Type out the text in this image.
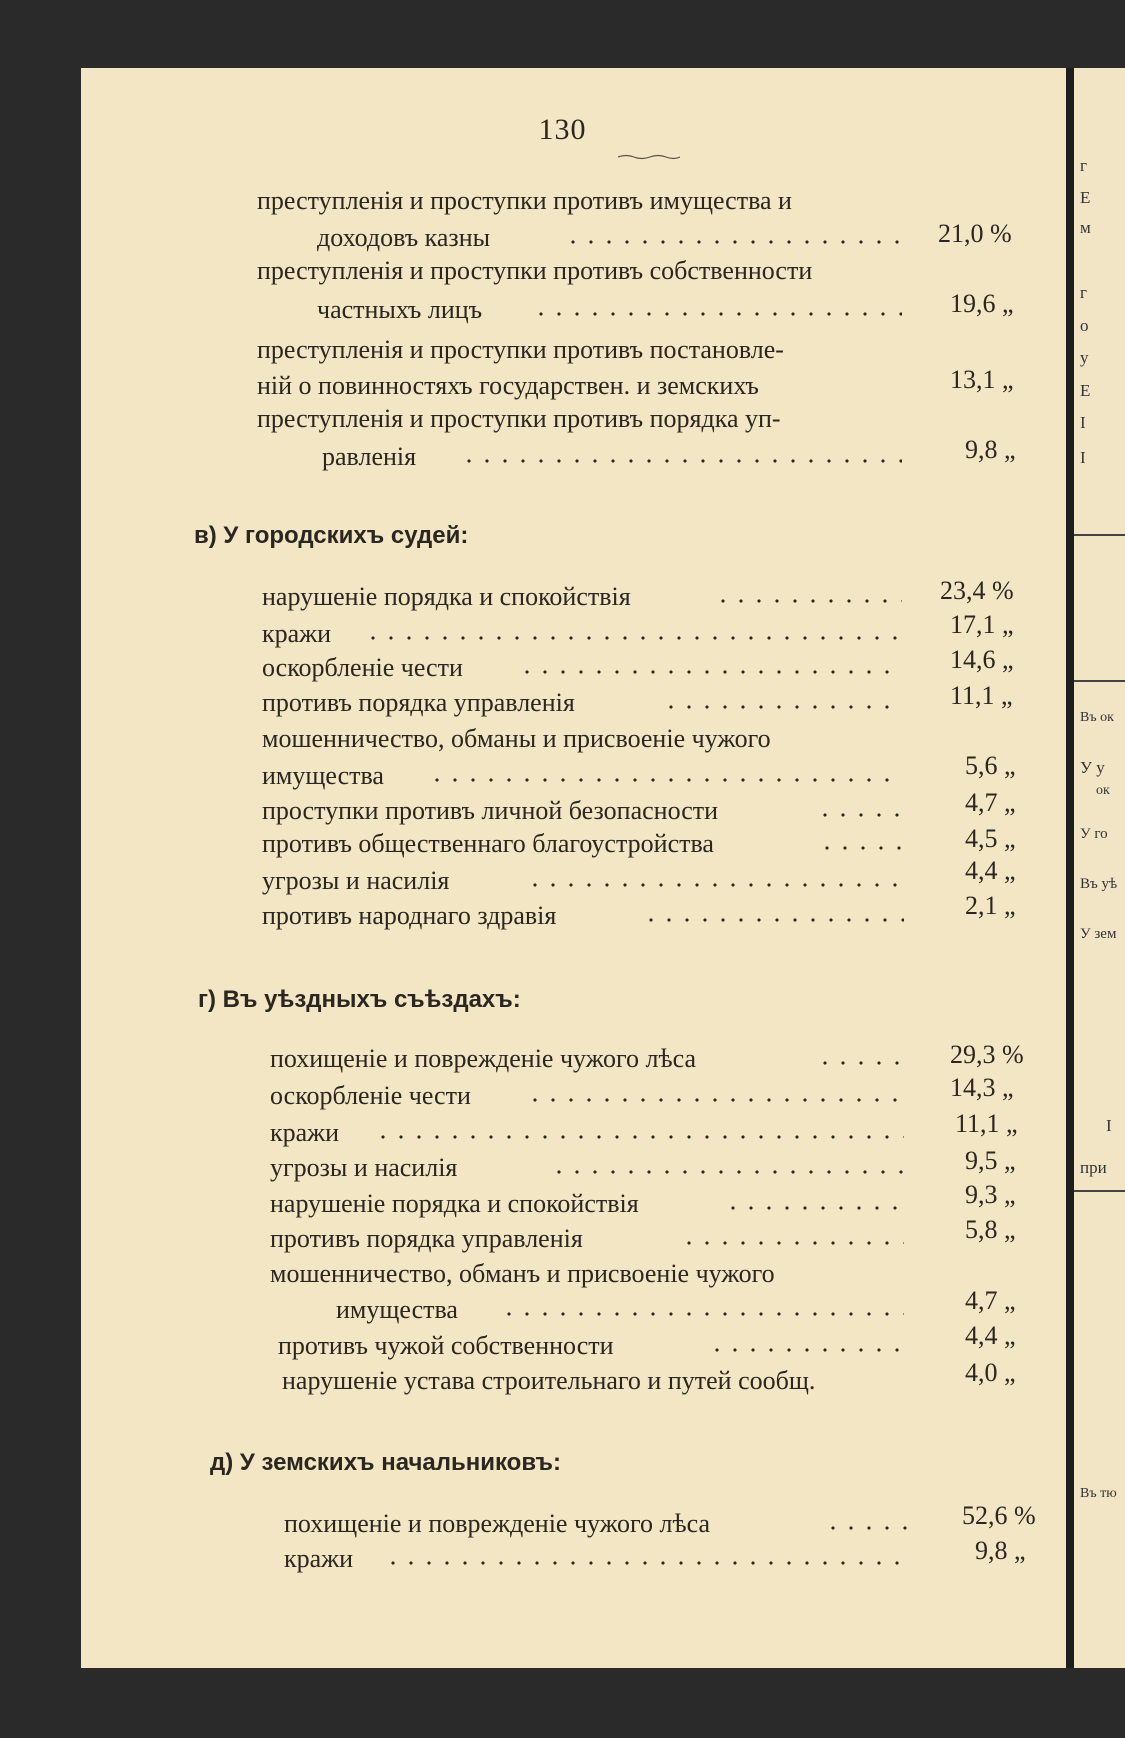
г
Е
м
г
о
у
Е
І
І
Въ ок
У у
ок
У го
Въ уѣ
У зем
І
при
Въ тю
130
преступленія и проступки противъ имущества и
доходовъ казны	21,0 %
преступленія и проступки противъ собственности
частныхъ лицъ	19,6 „
преступленія и проступки противъ постановле-
ній о повинностяхъ государствен. и земскихъ	13,1 „
преступленія и проступки противъ порядка уп-
равленія	9,8 „
в) У городскихъ судей:
нарушеніе порядка и спокойствія	23,4 %
кражи	17,1 „
оскорбленіе чести	14,6 „
противъ порядка управленія	11,1 „
мошенничество, обманы и присвоеніе чужого
имущества	5,6 „
проступки противъ личной безопасности	4,7 „
противъ общественнаго благоустройства	4,5 „
угрозы и насилія	4,4 „
противъ народнаго здравія	2,1 „
г) Въ уѣздныхъ съѣздахъ:
похищеніе и поврежденіе чужого лѣса	29,3 %
оскорбленіе чести	14,3 „
кражи	11,1 „
угрозы и насилія	9,5 „
нарушеніе порядка и спокойствія	9,3 „
противъ порядка управленія	5,8 „
мошенничество, обманъ и присвоеніе чужого
имущества	4,7 „
противъ чужой собственности	4,4 „
нарушеніе устава строительнаго и путей сообщ.	4,0 „
д) У земскихъ начальниковъ:
похищеніе и поврежденіе чужого лѣса	52,6 %
кражи	9,8 „
